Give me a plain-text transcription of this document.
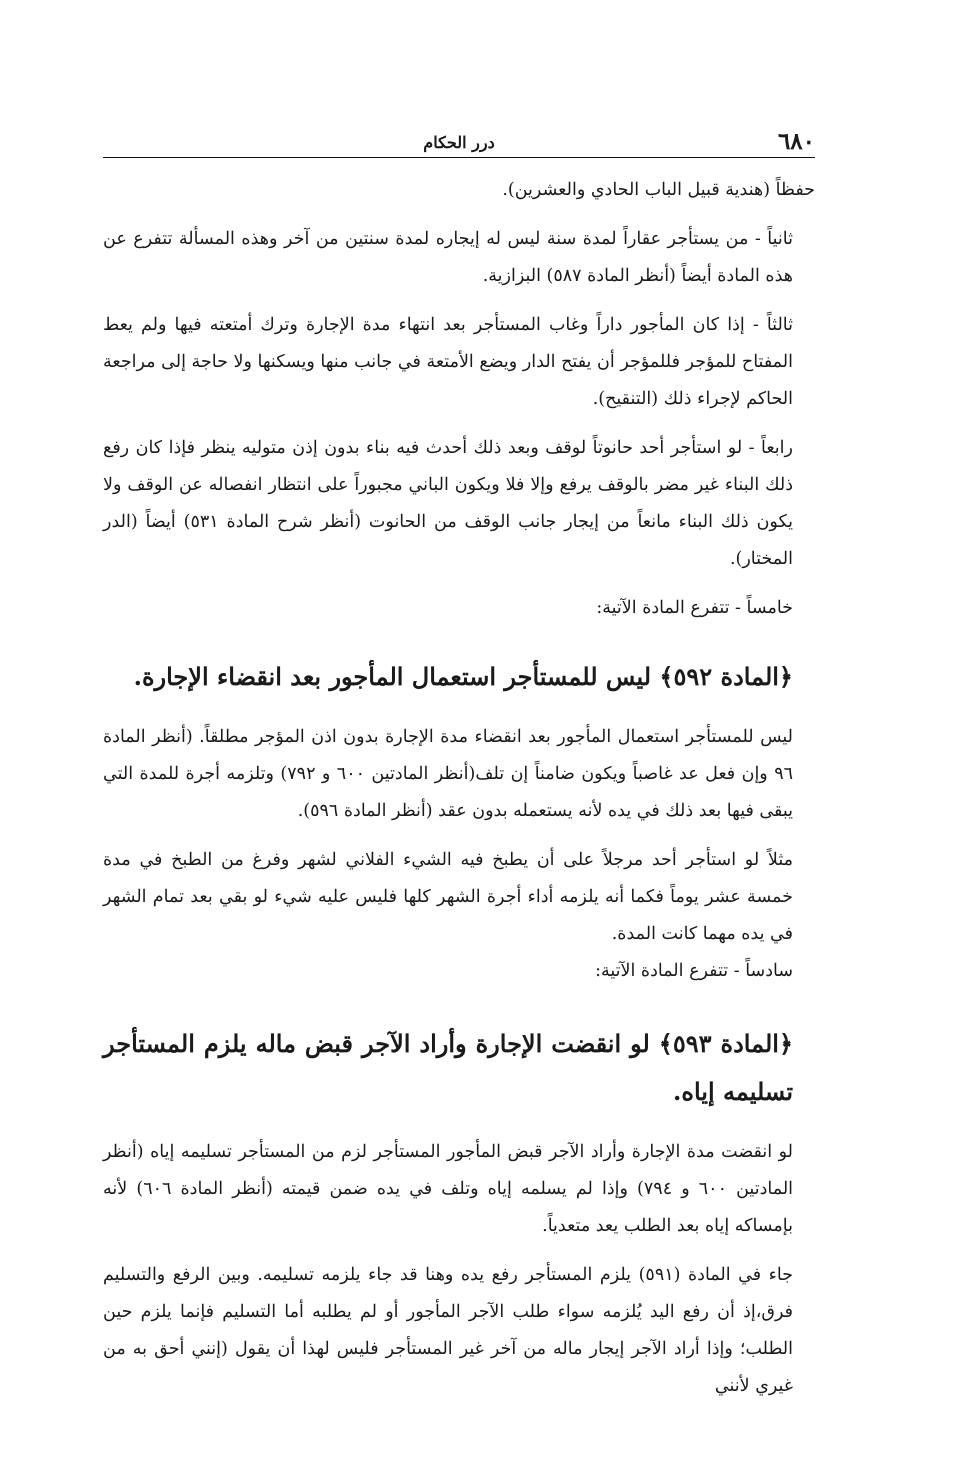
٦٨٠
درر الحكام

حفظاً (هندية قبيل الباب الحادي والعشرين).

ثانياً - من يستأجر عقاراً لمدة سنة ليس له إيجاره لمدة سنتين من آخر وهذه المسألة تتفرع عن هذه المادة أيضاً (أنظر المادة ٥٨٧) البزازية.

ثالثاً - إذا كان المأجور داراً وغاب المستأجر بعد انتهاء مدة الإجارة وترك أمتعته فيها ولم يعط المفتاح للمؤجر فللمؤجر أن يفتح الدار ويضع الأمتعة في جانب منها ويسكنها ولا حاجة إلى مراجعة الحاكم لإجراء ذلك (التنقيح).

رابعاً - لو استأجر أحد حانوتاً لوقف وبعد ذلك أحدث فيه بناء بدون إذن متوليه ينظر فإذا كان رفع ذلك البناء غير مضر بالوقف يرفع وإلا فلا ويكون الباني مجبوراً على انتظار انفصاله عن الوقف ولا يكون ذلك البناء مانعاً من إيجار جانب الوقف من الحانوت (أنظر شرح المادة ٥٣١) أيضاً (الدر المختار).

خامساً - تتفرع المادة الآتية:

﴿المادة ٥٩٢﴾ ليس للمستأجر استعمال المأجور بعد انقضاء الإجارة.

ليس للمستأجر استعمال المأجور بعد انقضاء مدة الإجارة بدون اذن المؤجر مطلقاً. (أنظر المادة ٩٦ وإن فعل عد غاصباً ويكون ضامناً إن تلف(أنظر المادتين ٦٠٠ و ٧٩٢) وتلزمه أجرة للمدة التي يبقى فيها بعد ذلك في يده لأنه يستعمله بدون عقد (أنظر المادة ٥٩٦).

مثلاً لو استأجر أحد مرجلاً على أن يطبخ فيه الشيء الفلاني لشهر وفرغ من الطبخ في مدة خمسة عشر يوماً فكما أنه يلزمه أداء أجرة الشهر كلها فليس عليه شيء لو بقي بعد تمام الشهر في يده مهما كانت المدة.

سادساً - تتفرع المادة الآتية:

﴿المادة ٥٩٣﴾ لو انقضت الإجارة وأراد الآجر قبض ماله يلزم المستأجر تسليمه إياه.

لو انقضت مدة الإجارة وأراد الآجر قبض المأجور المستأجر لزم من المستأجر تسليمه إياه (أنظر المادتين ٦٠٠ و ٧٩٤) وإذا لم يسلمه إياه وتلف في يده ضمن قيمته (أنظر المادة ٦٠٦) لأنه بإمساكه إياه بعد الطلب يعد متعدياً.

جاء في المادة (٥٩١) يلزم المستأجر رفع يده وهنا قد جاء يلزمه تسليمه. وبين الرفع والتسليم فرق،إذ أن رفع اليد يُلزمه سواء طلب الآجر المأجور أو لم يطلبه أما التسليم فإنما يلزم حين الطلب؛ وإذا أراد الآجر إيجار ماله من آخر غير المستأجر فليس لهذا أن يقول (إنني أحق به من غيري لأنني
